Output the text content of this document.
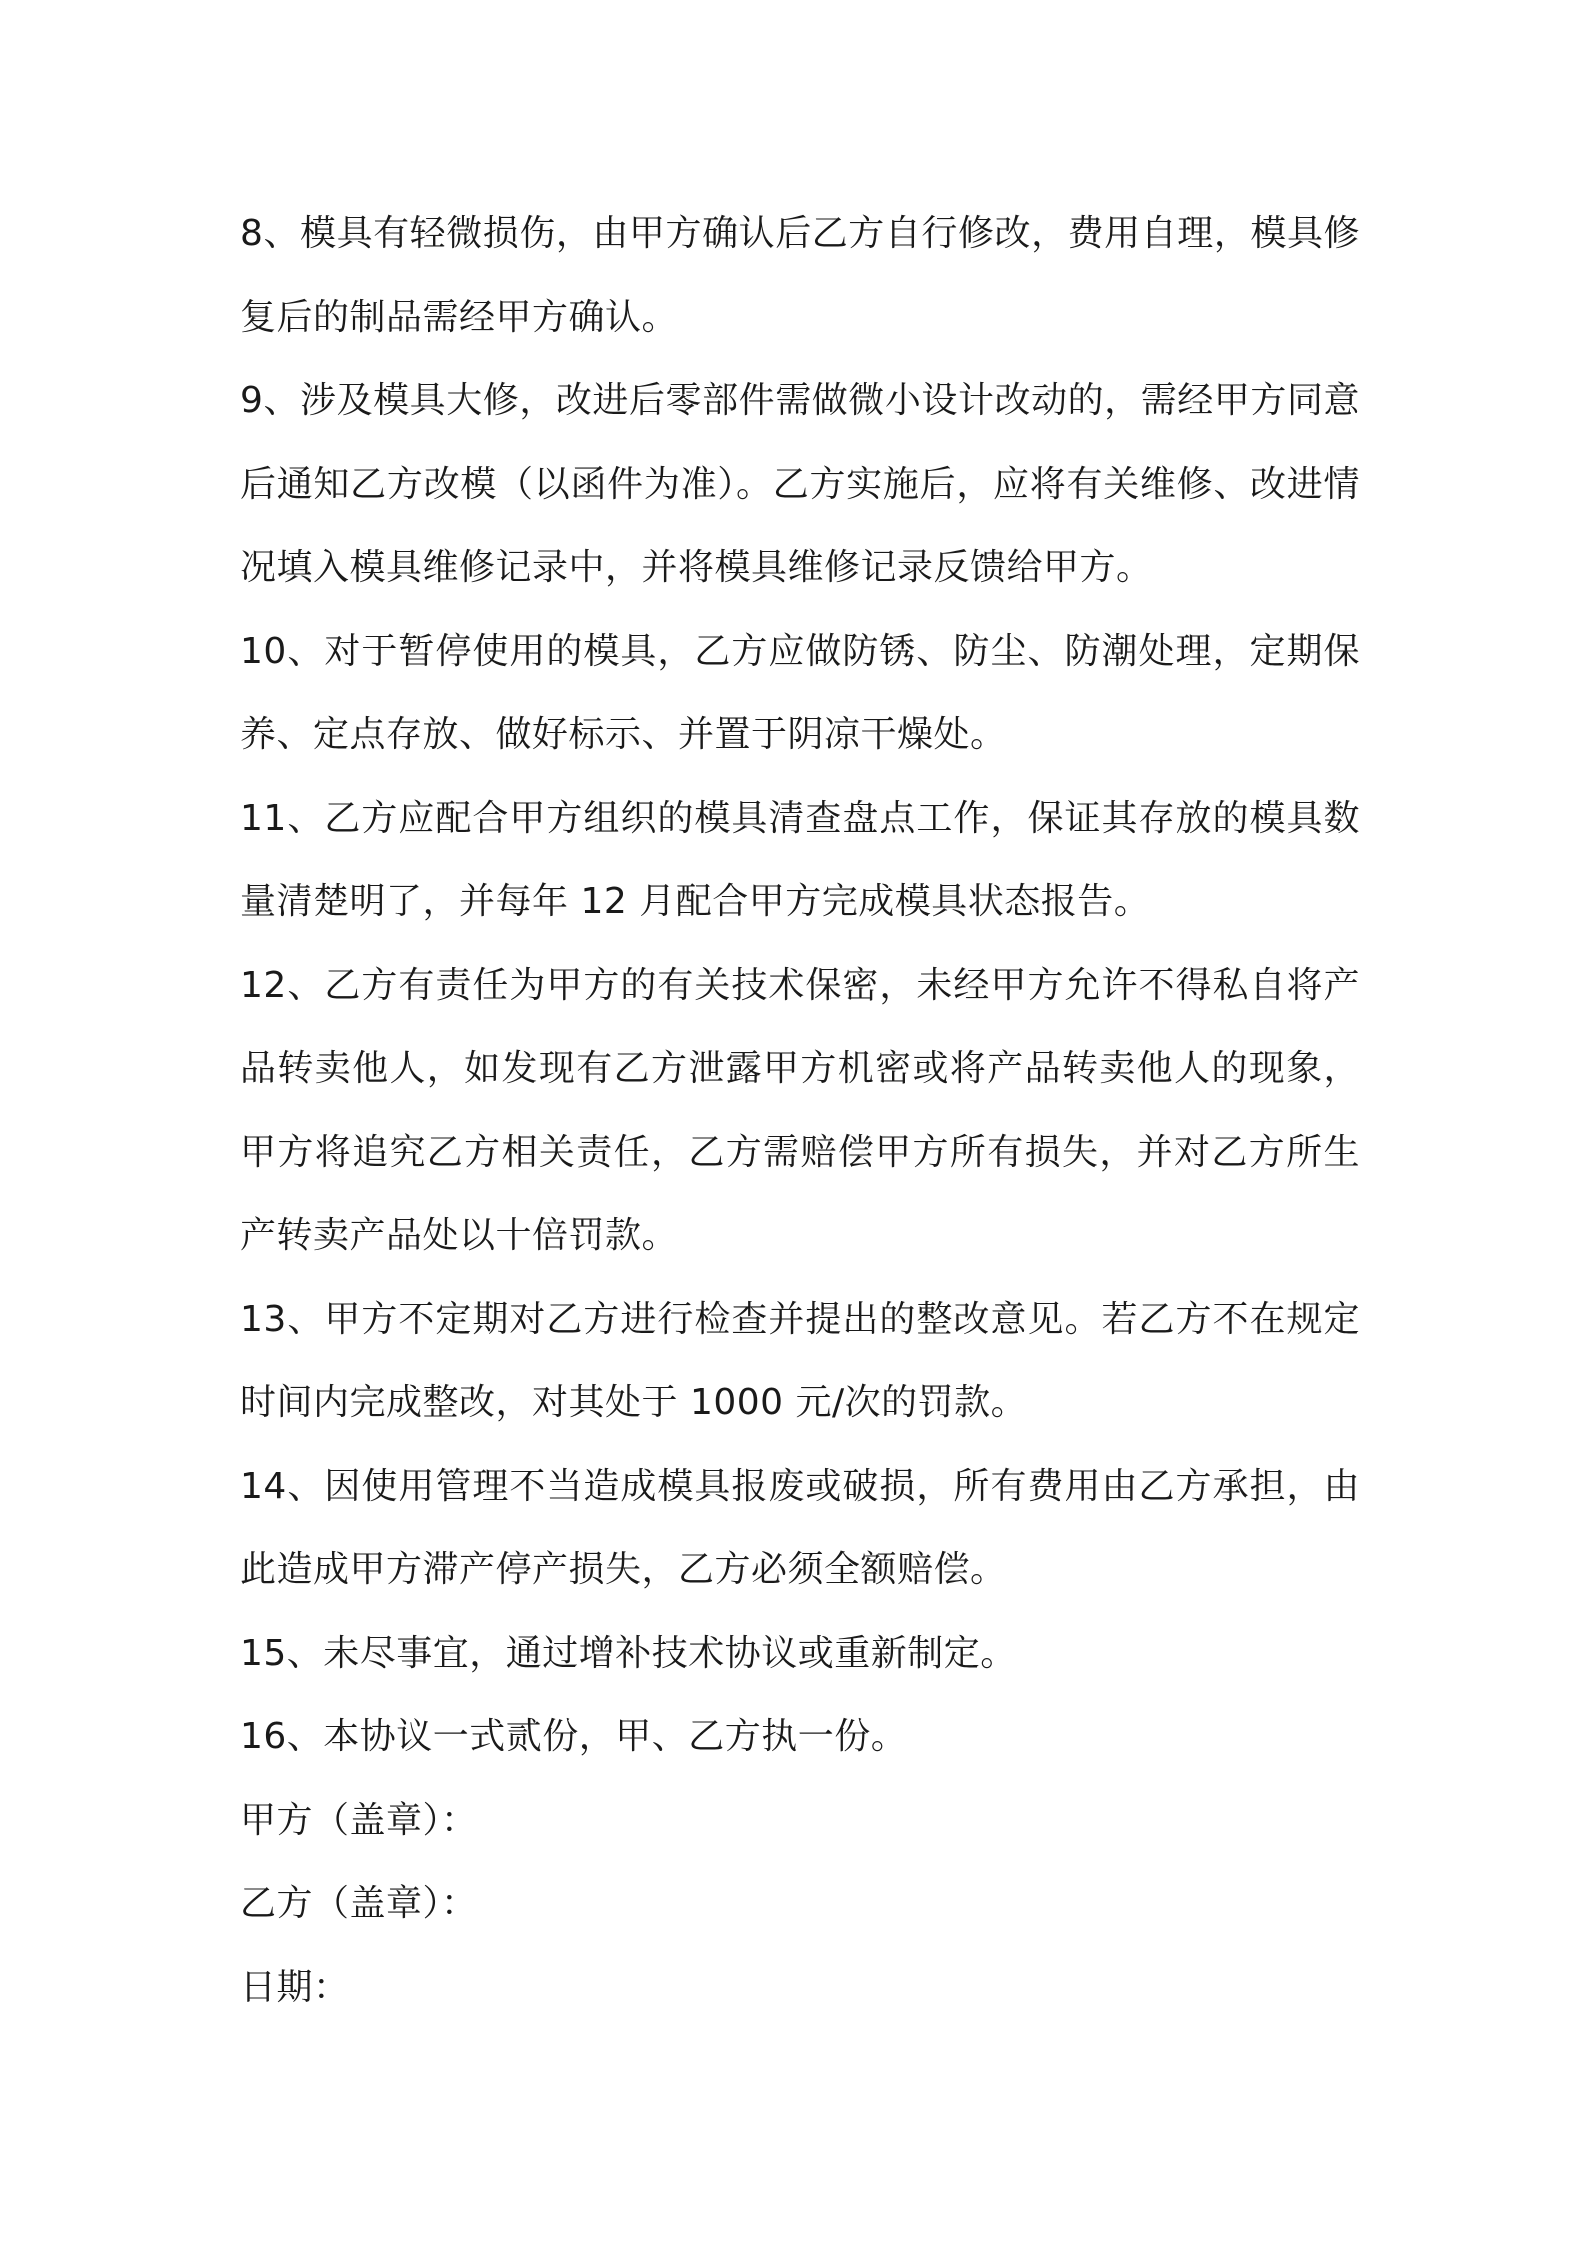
8、模具有轻微损伤，由甲方确认后乙方自行修改，费用自理，模具修复后的制品需经甲方确认。

9、涉及模具大修，改进后零部件需做微小设计改动的，需经甲方同意后通知乙方改模（以函件为准）。乙方实施后，应将有关维修、改进情况填入模具维修记录中，并将模具维修记录反馈给甲方。

10、对于暂停使用的模具，乙方应做防锈、防尘、防潮处理，定期保养、定点存放、做好标示、并置于阴凉干燥处。

11、乙方应配合甲方组织的模具清查盘点工作，保证其存放的模具数量清楚明了，并每年 12 月配合甲方完成模具状态报告。

12、乙方有责任为甲方的有关技术保密，未经甲方允许不得私自将产品转卖他人，如发现有乙方泄露甲方机密或将产品转卖他人的现象，甲方将追究乙方相关责任，乙方需赔偿甲方所有损失，并对乙方所生产转卖产品处以十倍罚款。

13、甲方不定期对乙方进行检查并提出的整改意见。若乙方不在规定时间内完成整改，对其处于 1000 元/次的罚款。

14、因使用管理不当造成模具报废或破损，所有费用由乙方承担，由此造成甲方滞产停产损失，乙方必须全额赔偿。

15、未尽事宜，通过增补技术协议或重新制定。

16、本协议一式贰份，甲、乙方执一份。

甲方（盖章）：

乙方（盖章）：

日期：
